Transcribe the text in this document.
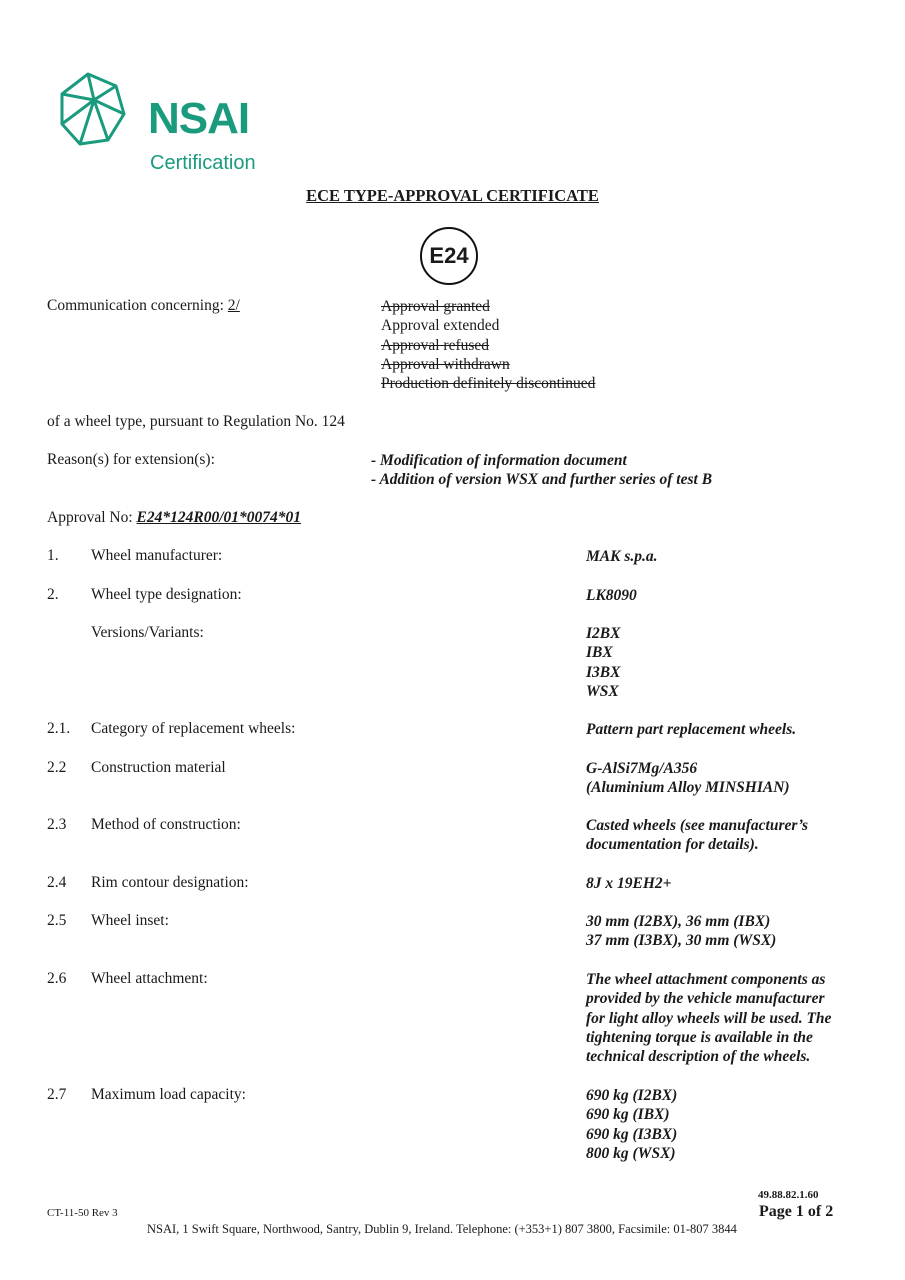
NSAI
Certification
ECE TYPE-APPROVAL CERTIFICATE
E24
Communication concerning: 2/	Approval granted
Approval extended
Approval refused
Approval withdrawn
Production definitely discontinued
of a wheel type, pursuant to Regulation No. 124
Reason(s) for extension(s):	- Modification of information document
- Addition of version WSX and further series of test B
Approval No: E24*124R00/01*0074*01
1. Wheel manufacturer:	MAK s.p.a.
2. Wheel type designation:	LK8090
Versions/Variants:	I2BX
IBX
I3BX
WSX
2.1. Category of replacement wheels:	Pattern part replacement wheels.
2.2 Construction material	G-AlSi7Mg/A356
(Aluminium Alloy MINSHIAN)
2.3 Method of construction:	Casted wheels (see manufacturer’s
documentation for details).
2.4 Rim contour designation:	8J x 19EH2+
2.5 Wheel inset:	30 mm (I2BX), 36 mm (IBX)
37 mm (I3BX), 30 mm (WSX)
2.6 Wheel attachment:	The wheel attachment components as
provided by the vehicle manufacturer
for light alloy wheels will be used. The
tightening torque is available in the
technical description of the wheels.
2.7 Maximum load capacity:	690 kg (I2BX)
690 kg (IBX)
690 kg (I3BX)
800 kg (WSX)
49.88.82.1.60
CT-11-50 Rev 3	Page 1 of 2
NSAI, 1 Swift Square, Northwood, Santry, Dublin 9, Ireland. Telephone: (+353+1) 807 3800, Facsimile: 01-807 3844
